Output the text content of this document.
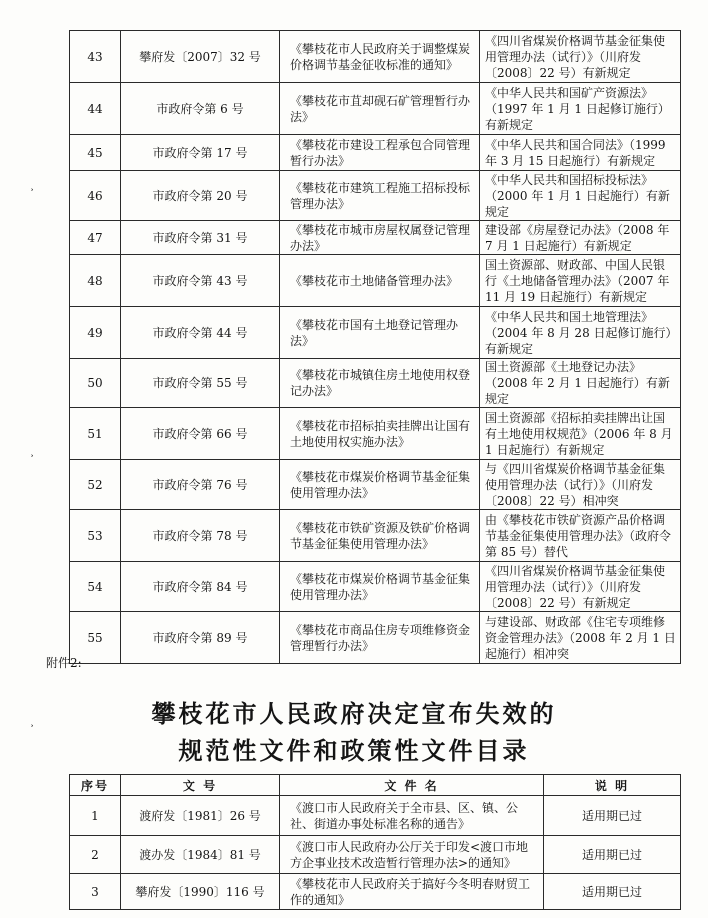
43	攀府发〔2007〕32 号	《攀枝花市人民政府关于调整煤炭价格调节基金征收标准的通知》	《四川省煤炭价格调节基金征集使用管理办法（试行）》（川府发〔2008〕22 号）有新规定
44	市政府令第 6 号	《攀枝花市苴却砚石矿管理暂行办法》	《中华人民共和国矿产资源法》（1997 年 1 月 1 日起修订施行）有新规定
45	市政府令第 17 号	《攀枝花市建设工程承包合同管理暂行办法》	《中华人民共和国合同法》（1999 年 3 月 15 日起施行）有新规定
46	市政府令第 20 号	《攀枝花市建筑工程施工招标投标管理办法》	《中华人民共和国招标投标法》（2000 年 1 月 1 日起施行）有新规定
47	市政府令第 31 号	《攀枝花市城市房屋权属登记管理办法》	建设部《房屋登记办法》（2008 年 7 月 1 日起施行）有新规定
48	市政府令第 43 号	《攀枝花市土地储备管理办法》	国土资源部、财政部、中国人民银行《土地储备管理办法》（2007 年 11 月 19 日起施行）有新规定
49	市政府令第 44 号	《攀枝花市国有土地登记管理办法》	《中华人民共和国土地管理法》（2004 年 8 月 28 日起修订施行）有新规定
50	市政府令第 55 号	《攀枝花市城镇住房土地使用权登记办法》	国土资源部《土地登记办法》（2008 年 2 月 1 日起施行）有新规定
51	市政府令第 66 号	《攀枝花市招标拍卖挂牌出让国有土地使用权实施办法》	国土资源部《招标拍卖挂牌出让国有土地使用权规范》（2006 年 8 月 1 日起施行）有新规定
52	市政府令第 76 号	《攀枝花市煤炭价格调节基金征集使用管理办法》	与《四川省煤炭价格调节基金征集使用管理办法（试行）》（川府发〔2008〕22 号）相冲突
53	市政府令第 78 号	《攀枝花市铁矿资源及铁矿价格调节基金征集使用管理办法》	由《攀枝花市铁矿资源产品价格调节基金征集使用管理办法》（政府令第 85 号）替代
54	市政府令第 84 号	《攀枝花市煤炭价格调节基金征集使用管理办法》	《四川省煤炭价格调节基金征集使用管理办法（试行）》（川府发〔2008〕22 号）有新规定
55	市政府令第 89 号	《攀枝花市商品住房专项维修资金管理暂行办法》	与建设部、财政部《住宅专项维修资金管理办法》（2008 年 2 月 1 日起施行）相冲突
附件2:
攀枝花市人民政府决定宣布失效的
规范性文件和政策性文件目录
序号	文 号	文 件 名	说 明
1	渡府发〔1981〕26 号	《渡口市人民政府关于全市县、区、镇、公社、街道办事处标准名称的通告》	适用期已过
2	渡办发〔1984〕81 号	《渡口市人民政府办公厅关于印发<渡口市地方企事业技术改造暂行管理办法>的通知》	适用期已过
3	攀府发〔1990〕116 号	《攀枝花市人民政府关于搞好今冬明春财贸工作的通知》	适用期已过
